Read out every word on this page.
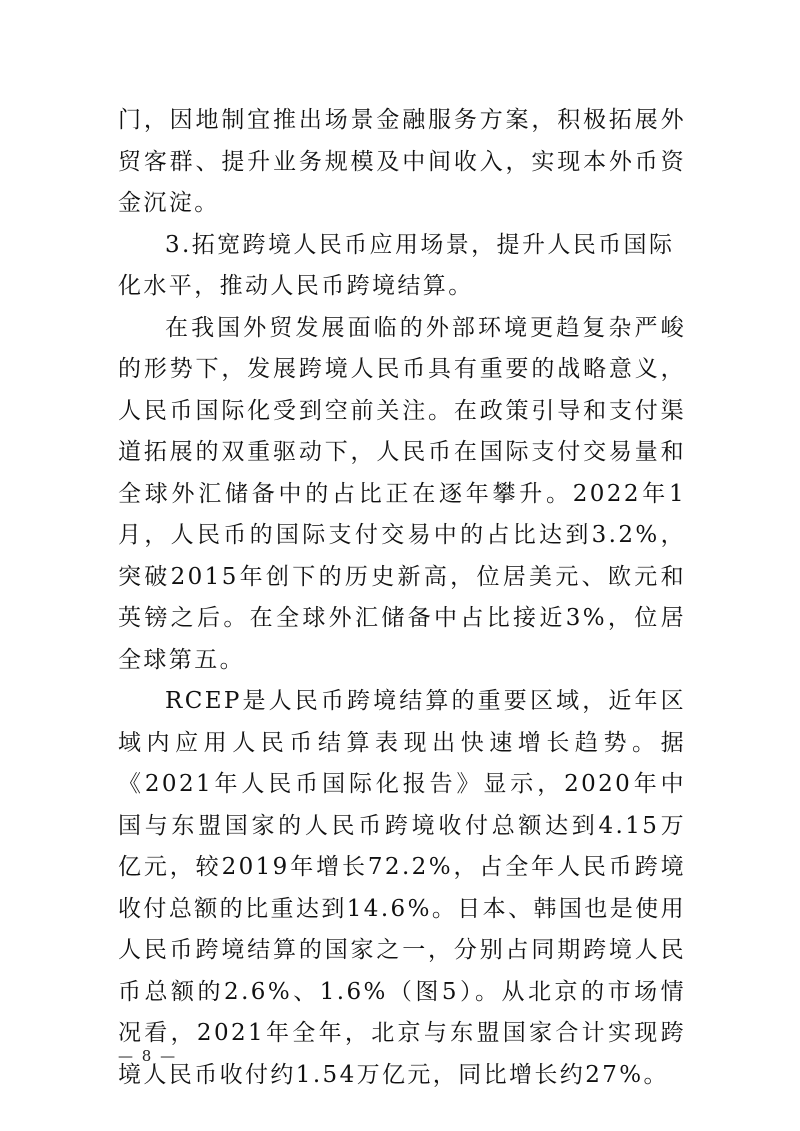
门，因地制宜推出场景金融服务方案，积极拓展外贸客群、提升业务规模及中间收入，实现本外币资金沉淀。

3.拓宽跨境人民币应用场景，提升人民币国际化水平，推动人民币跨境结算。

在我国外贸发展面临的外部环境更趋复杂严峻的形势下，发展跨境人民币具有重要的战略意义，人民币国际化受到空前关注。在政策引导和支付渠道拓展的双重驱动下，人民币在国际支付交易量和全球外汇储备中的占比正在逐年攀升。2022年1月，人民币的国际支付交易中的占比达到3.2%，突破2015年创下的历史新高，位居美元、欧元和英镑之后。在全球外汇储备中占比接近3%，位居全球第五。

RCEP是人民币跨境结算的重要区域，近年区域内应用人民币结算表现出快速增长趋势。据《2021年人民币国际化报告》显示，2020年中国与东盟国家的人民币跨境收付总额达到4.15万亿元，较2019年增长72.2%，占全年人民币跨境收付总额的比重达到14.6%。日本、韩国也是使用人民币跨境结算的国家之一，分别占同期跨境人民币总额的2.6%、1.6%（图5）。从北京的市场情况看，2021年全年，北京与东盟国家合计实现跨境人民币收付约1.54万亿元，同比增长约27%。

— 8 —
